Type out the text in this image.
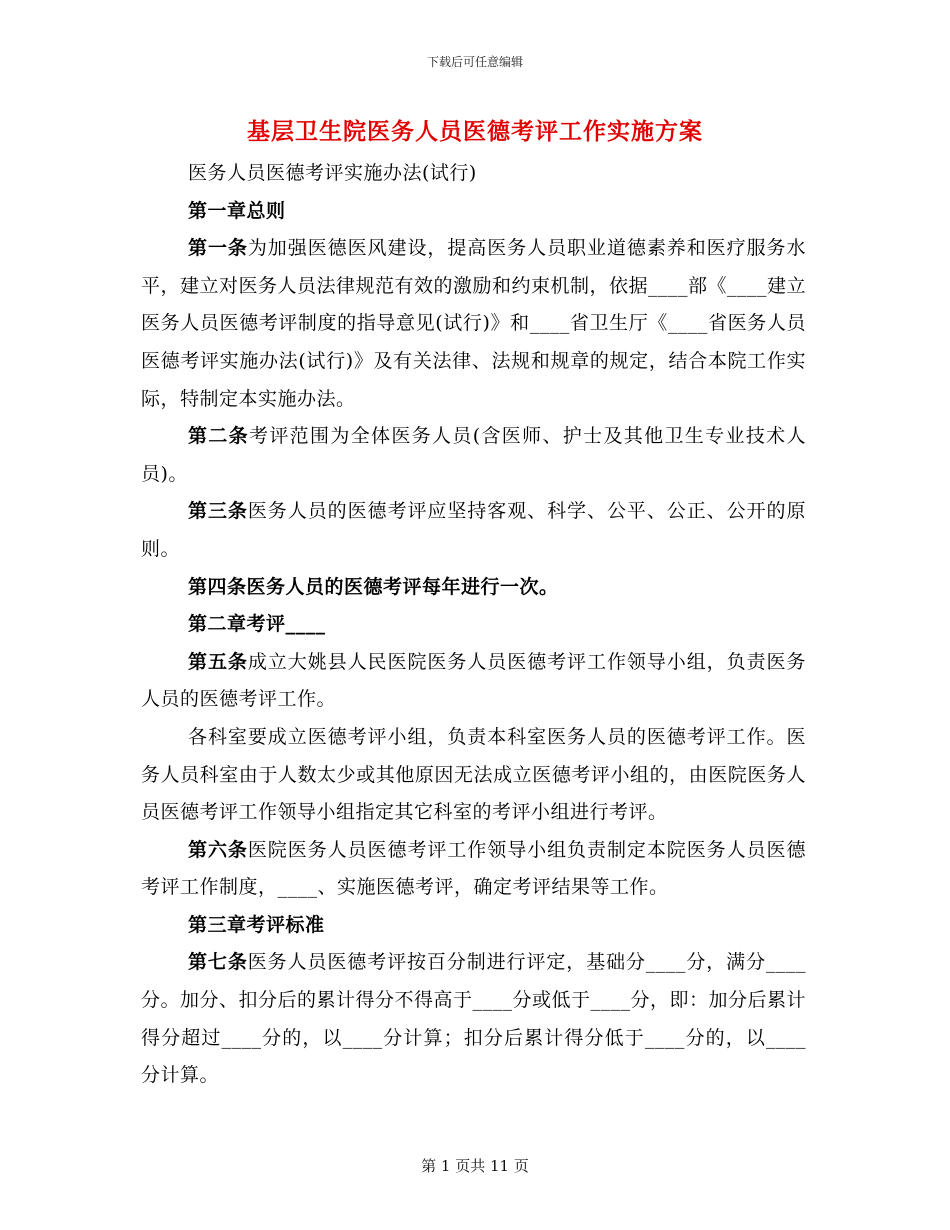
下载后可任意编辑
基层卫生院医务人员医德考评工作实施方案

医务人员医德考评实施办法(试行)

第一章总则

第一条为加强医德医风建设，提高医务人员职业道德素养和医疗服务水平，建立对医务人员法律规范有效的激励和约束机制，依据____部《____建立医务人员医德考评制度的指导意见(试行)》和____省卫生厅《____省医务人员医德考评实施办法(试行)》及有关法律、法规和规章的规定，结合本院工作实际，特制定本实施办法。

第二条考评范围为全体医务人员(含医师、护士及其他卫生专业技术人员)。

第三条医务人员的医德考评应坚持客观、科学、公平、公正、公开的原则。

第四条医务人员的医德考评每年进行一次。

第二章考评____

第五条成立大姚县人民医院医务人员医德考评工作领导小组，负责医务人员的医德考评工作。

各科室要成立医德考评小组，负责本科室医务人员的医德考评工作。医务人员科室由于人数太少或其他原因无法成立医德考评小组的，由医院医务人员医德考评工作领导小组指定其它科室的考评小组进行考评。

第六条医院医务人员医德考评工作领导小组负责制定本院医务人员医德考评工作制度，____、实施医德考评，确定考评结果等工作。

第三章考评标准

第七条医务人员医德考评按百分制进行评定，基础分____分，满分____分。加分、扣分后的累计得分不得高于____分或低于____分，即：加分后累计得分超过____分的，以____分计算；扣分后累计得分低于____分的，以____分计算。

第 1 页共 11 页
